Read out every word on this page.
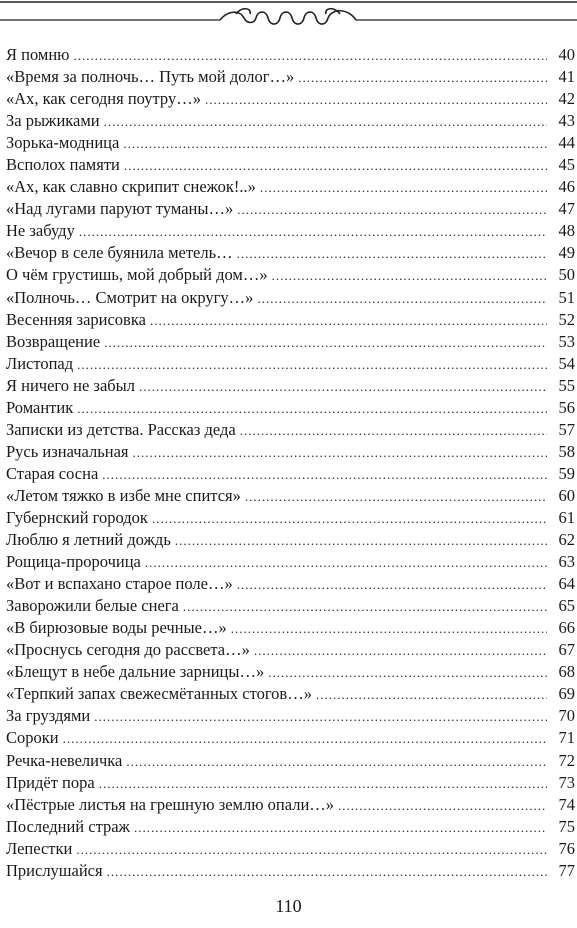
Я помню .....	40
«Время за полночь… Путь мой долог…» .....	41
«Ах, как сегодня поутру…» .....	42
За рыжиками .....	43
Зорька-модница .....	44
Всполох памяти .....	45
«Ах, как славно скрипит снежок!..» .....	46
«Над лугами паруют туманы…» .....	47
Не забуду .....	48
«Вечор в селе буянила метель… .....	49
О чём грустишь, мой добрый дом…» .....	50
«Полночь… Смотрит на округу…» .....	51
Весенняя зарисовка .....	52
Возвращение .....	53
Листопад .....	54
Я ничего не забыл .....	55
Романтик .....	56
Записки из детства. Рассказ деда .....	57
Русь изначальная .....	58
Старая сосна .....	59
«Летом тяжко в избе мне спится» .....	60
Губернский городок .....	61
Люблю я летний дождь .....	62
Рощица-пророчица .....	63
«Вот и вспахано старое поле…» .....	64
Заворожили белые снега .....	65
«В бирюзовые воды речные…» .....	66
«Проснусь сегодня до рассвета…» .....	67
«Блещут в небе дальние зарницы…» .....	68
«Терпкий запах свежесмётанных стогов…» .....	69
За груздями .....	70
Сороки .....	71
Речка-невеличка .....	72
Придёт пора .....	73
«Пёстрые листья на грешную землю опали…» .....	74
Последний страж .....	75
Лепестки .....	76
Прислушайся .....	77
110
